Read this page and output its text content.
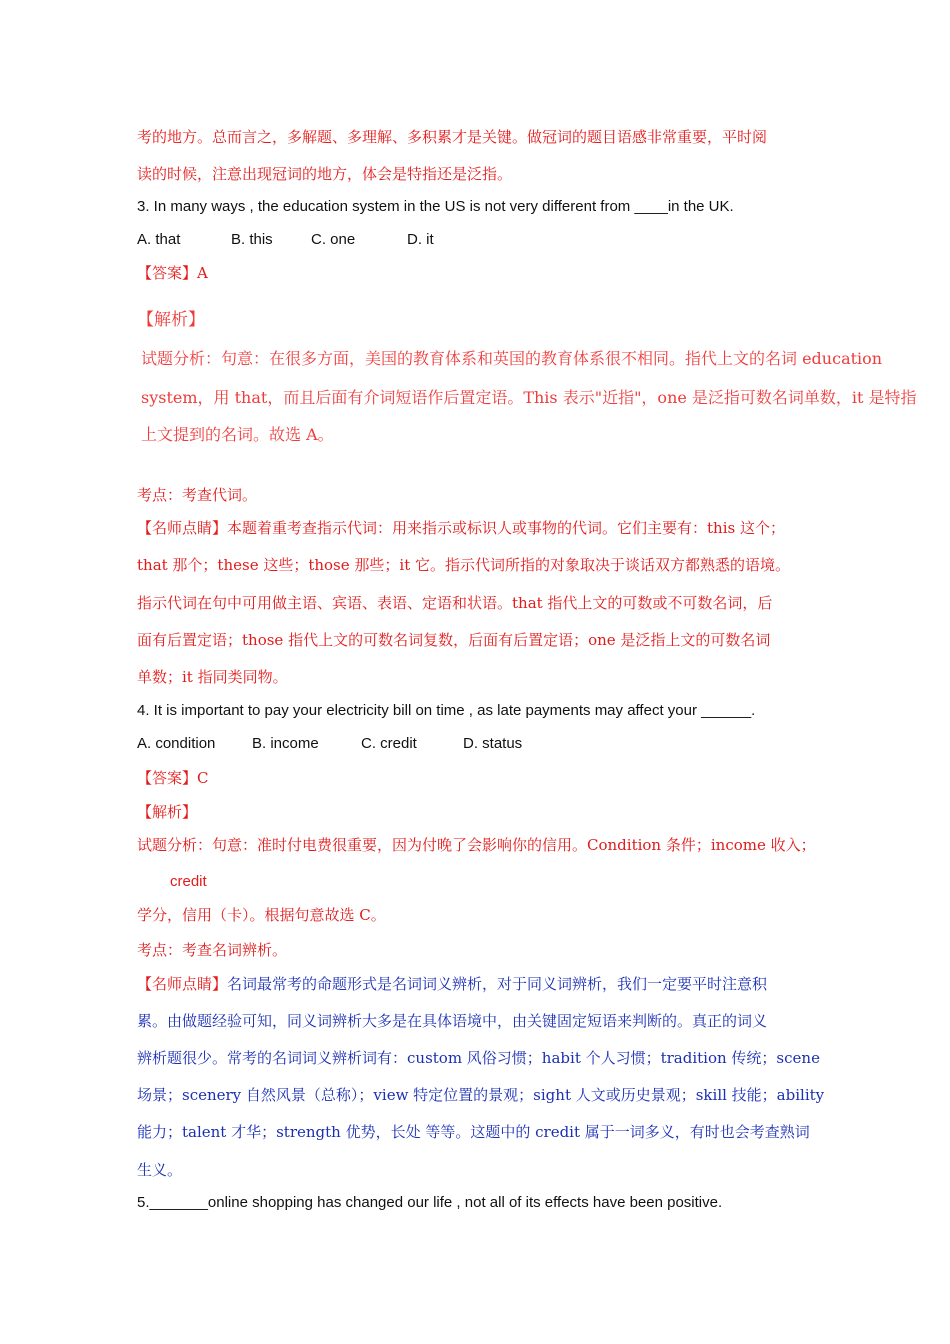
考的地方。总而言之，多解题、多理解、多积累才是关键。做冠词的题目语感非常重要，平时阅
读的时候，注意出现冠词的地方，体会是特指还是泛指。
3. In many ways , the education system in the US is not very different from ____in the UK.
A. that	B. this	C. one	D. it
【答案】A
【解析】
试题分析：句意：在很多方面，美国的教育体系和英国的教育体系很不相同。指代上文的名词 education
system，用 that，而且后面有介词短语作后置定语。This 表示"近指"，one 是泛指可数名词单数，it 是特指
上文提到的名词。故选 A。
考点：考查代词。
【名师点睛】本题着重考查指示代词：用来指示或标识人或事物的代词。它们主要有：this 这个；
that 那个；these 这些；those 那些；it 它。指示代词所指的对象取决于谈话双方都熟悉的语境。
指示代词在句中可用做主语、宾语、表语、定语和状语。that 指代上文的可数或不可数名词，后
面有后置定语；those 指代上文的可数名词复数，后面有后置定语；one 是泛指上文的可数名词
单数；it 指同类同物。
4. It is important to pay your electricity bill on time , as late payments may affect your ______.
A. condition B. income	C. credit	D. status
【答案】C
【解析】
试题分析：句意：准时付电费很重要，因为付晚了会影响你的信用。Condition 条件；income 收入；
credit
学分，信用（卡）。根据句意故选 C。
考点：考查名词辨析。
【名师点睛】名词最常考的命题形式是名词词义辨析，对于同义词辨析，我们一定要平时注意积
累。由做题经验可知，同义词辨析大多是在具体语境中，由关键固定短语来判断的。真正的词义
辨析题很少。常考的名词词义辨析词有：custom 风俗习惯；habit 个人习惯；tradition 传统；scene
场景；scenery 自然风景（总称）；view 特定位置的景观；sight 人文或历史景观；skill 技能；ability
能力；talent 才华；strength 优势，长处 等等。这题中的 credit 属于一词多义，有时也会考查熟词
生义。
5._______online shopping has changed our life , not all of its effects have been positive.
